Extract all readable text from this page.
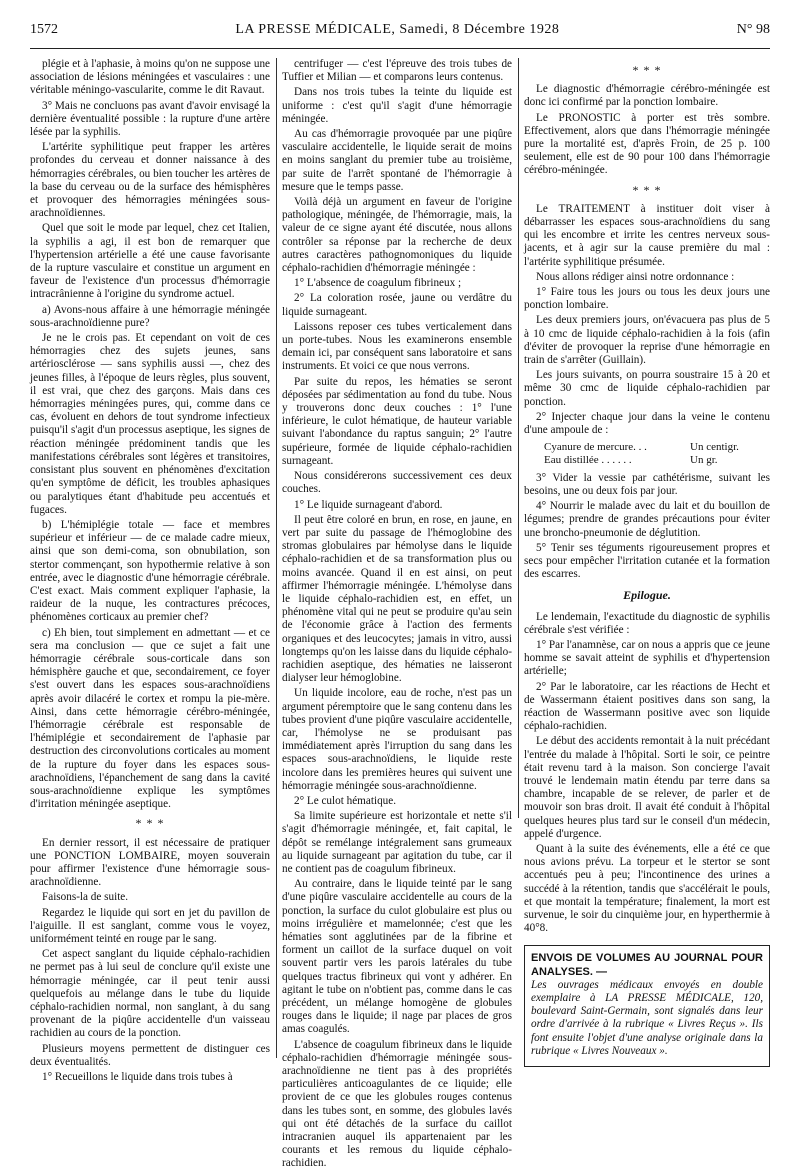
1572	LA PRESSE MÉDICALE, Samedi, 8 Décembre 1928	N° 98

plégie et à l'aphasie, à moins qu'on ne suppose une association de lésions méningées et vasculaires : une véritable méningo-vascularite, comme le dit Ravaut.

3° Mais ne concluons pas avant d'avoir envisagé la dernière éventualité possible : la rupture d'une artère lésée par la syphilis.

L'artérite syphilitique peut frapper les artères profondes du cerveau et donner naissance à des hémorragies cérébrales, ou bien toucher les artères de la base du cerveau ou de la surface des hémisphères et provoquer des hémorragies méningées sous-arachnoïdiennes.

Quel que soit le mode par lequel, chez cet Italien, la syphilis a agi, il est bon de remarquer que l'hypertension artérielle a été une cause favorisante de la rupture vasculaire et constitue un argument en faveur de l'existence d'un processus d'hémorragie intracrânienne à l'origine du syndrome actuel.

a) Avons-nous affaire à une hémorragie méningée sous-arachnoïdienne pure?

Je ne le crois pas. Et cependant on voit de ces hémorragies chez des sujets jeunes, sans artériosclérose — sans syphilis aussi —, chez des jeunes filles, à l'époque de leurs règles, plus souvent, il est vrai, que chez des garçons. Mais dans ces hémorragies méningées pures, qui, comme dans ce cas, évoluent en dehors de tout syndrome infectieux puisqu'il s'agit d'un processus aseptique, les signes de réaction méningée prédominent tandis que les manifestations cérébrales sont légères et transitoires, consistant plus souvent en phénomènes d'excitation qu'en symptôme de déficit, les troubles aphasiques ou paralytiques étant d'habitude peu accentués et fugaces.

b) L'hémiplégie totale — face et membres supérieur et inférieur — de ce malade cadre mieux, ainsi que son demi-coma, son obnubilation, son stertor commençant, son hypothermie relative à son entrée, avec le diagnostic d'une hémorragie cérébrale. C'est exact. Mais comment expliquer l'aphasie, la raideur de la nuque, les contractures précoces, phénomènes corticaux au premier chef?

c) Eh bien, tout simplement en admettant — et ce sera ma conclusion — que ce sujet a fait une hémorragie cérébrale sous-corticale dans son hémisphère gauche et que, secondairement, ce foyer s'est ouvert dans les espaces sous-arachnoïdiens après avoir dilacéré le cortex et rompu la pie-mère. Ainsi, dans cette hémorragie cérébro-méningée, l'hémorragie cérébrale est responsable de l'hémiplégie et secondairement de l'aphasie par destruction des circonvolutions corticales au moment de la rupture du foyer dans les espaces sous-arachnoïdiens, l'épanchement de sang dans la cavité sous-arachnoïdienne explique les symptômes d'irritation méningée aseptique.

* * *

En dernier ressort, il est nécessaire de pratiquer une PONCTION LOMBAIRE, moyen souverain pour affirmer l'existence d'une hémorragie sous-arachnoïdienne.

Faisons-la de suite.

Regardez le liquide qui sort en jet du pavillon de l'aiguille. Il est sanglant, comme vous le voyez, uniformément teinté en rouge par le sang.

Cet aspect sanglant du liquide céphalo-rachidien ne permet pas à lui seul de conclure qu'il existe une hémorragie méningée, car il peut tenir aussi quelquefois au mélange dans le tube du liquide céphalo-rachidien normal, non sanglant, à du sang provenant de la piqûre accidentelle d'un vaisseau rachidien au cours de la ponction.

Plusieurs moyens permettent de distinguer ces deux éventualités.

1° Recueillons le liquide dans trois tubes à

centrifuger — c'est l'épreuve des trois tubes de Tuffier et Milian — et comparons leurs contenus.

Dans nos trois tubes la teinte du liquide est uniforme : c'est qu'il s'agit d'une hémorragie méningée.

Au cas d'hémorragie provoquée par une piqûre vasculaire accidentelle, le liquide serait de moins en moins sanglant du premier tube au troisième, par suite de l'arrêt spontané de l'hémorragie à mesure que le temps passe.

Voilà déjà un argument en faveur de l'origine pathologique, méningée, de l'hémorragie, mais, la valeur de ce signe ayant été discutée, nous allons contrôler sa réponse par la recherche de deux autres caractères pathognomoniques du liquide céphalo-rachidien d'hémorragie méningée :

1° L'absence de coagulum fibrineux ;

2° La coloration rosée, jaune ou verdâtre du liquide surnageant.

Laissons reposer ces tubes verticalement dans un porte-tubes. Nous les examinerons ensemble demain ici, par conséquent sans laboratoire et sans instruments. Et voici ce que nous verrons.

Par suite du repos, les hématies se seront déposées par sédimentation au fond du tube. Nous y trouverons donc deux couches : 1° l'une inférieure, le culot hématique, de hauteur variable suivant l'abondance du raptus sanguin; 2° l'autre supérieure, formée de liquide céphalo-rachidien surnageant.

Nous considérerons successivement ces deux couches.

1° Le liquide surnageant d'abord.

Il peut être coloré en brun, en rose, en jaune, en vert par suite du passage de l'hémoglobine des stromas globulaires par hémolyse dans le liquide céphalo-rachidien et de sa transformation plus ou moins avancée. Quand il en est ainsi, on peut affirmer l'hémorragie méningée. L'hémolyse dans le liquide céphalo-rachidien est, en effet, un phénomène vital qui ne peut se produire qu'au sein de l'économie grâce à l'action des ferments organiques et des leucocytes; jamais in vitro, aussi longtemps qu'on les laisse dans du liquide céphalo-rachidien aseptique, des hématies ne laisseront dialyser leur hémoglobine.

Un liquide incolore, eau de roche, n'est pas un argument péremptoire que le sang contenu dans les tubes provient d'une piqûre vasculaire accidentelle, car, l'hémolyse ne se produisant pas immédiatement après l'irruption du sang dans les espaces sous-arachnoïdiens, le liquide reste incolore dans les premières heures qui suivent une hémorragie méningée sous-arachnoïdienne.

2° Le culot hématique.

Sa limite supérieure est horizontale et nette s'il s'agit d'hémorragie méningée, et, fait capital, le dépôt se remélange intégralement sans grumeaux au liquide surnageant par agitation du tube, car il ne contient pas de coagulum fibrineux.

Au contraire, dans le liquide teinté par le sang d'une piqûre vasculaire accidentelle au cours de la ponction, la surface du culot globulaire est plus ou moins irrégulière et mamelonnée; c'est que les hématies sont agglutinées par de la fibrine et forment un caillot de la surface duquel on voit souvent partir vers les parois latérales du tube quelques tractus fibrineux qui vont y adhérer. En agitant le tube on n'obtient pas, comme dans le cas précédent, un mélange homogène de globules rouges dans le liquide; il nage par places de gros amas coagulés.

L'absence de coagulum fibrineux dans le liquide céphalo-rachidien d'hémorragie méningée sous-arachnoïdienne ne tient pas à des propriétés particulières anticoagulantes de ce liquide; elle provient de ce que les globules rouges contenus dans les tubes sont, en somme, des globules lavés qui ont été détachés de la surface du caillot intracranien auquel ils appartenaient par les courants et les remous du liquide céphalo-rachidien.

* * *

Le diagnostic d'hémorragie cérébro-méningée est donc ici confirmé par la ponction lombaire.

Le PRONOSTIC à porter est très sombre. Effectivement, alors que dans l'hémorragie méningée pure la mortalité est, d'après Froin, de 25 p. 100 seulement, elle est de 90 pour 100 dans l'hémorragie cérébro-méningée.

* * *

Le TRAITEMENT à instituer doit viser à débarrasser les espaces sous-arachnoïdiens du sang qui les encombre et irrite les centres nerveux sous-jacents, et à agir sur la cause première du mal : l'artérite syphilitique présumée.

Nous allons rédiger ainsi notre ordonnance :

1° Faire tous les jours ou tous les deux jours une ponction lombaire.

Les deux premiers jours, on'évacuera pas plus de 5 à 10 cmc de liquide céphalo-rachidien à la fois (afin d'éviter de provoquer la reprise d'une hémorragie en train de s'arrêter (Guillain).

Les jours suivants, on pourra soustraire 15 à 20 et même 30 cmc de liquide céphalo-rachidien par ponction.

2° Injecter chaque jour dans la veine le contenu d'une ampoule de :

Cyanure de mercure. . .	Un centigr.
Eau distillée . . . . . .	Un gr.

3° Vider la vessie par cathétérisme, suivant les besoins, une ou deux fois par jour.

4° Nourrir le malade avec du lait et du bouillon de légumes; prendre de grandes précautions pour éviter une broncho-pneumonie de déglutition.

5° Tenir ses téguments rigoureusement propres et secs pour empêcher l'irritation cutanée et la formation des escarres.

Epilogue.

Le lendemain, l'exactitude du diagnostic de syphilis cérébrale s'est vérifiée :

1° Par l'anamnèse, car on nous a appris que ce jeune homme se savait atteint de syphilis et d'hypertension artérielle;

2° Par le laboratoire, car les réactions de Hecht et de Wassermann étaient positives dans son sang, la réaction de Wassermann positive avec son liquide céphalo-rachidien.

Le début des accidents remontait à la nuit précédant l'entrée du malade à l'hôpital. Sorti le soir, ce peintre était revenu tard à la maison. Son concierge l'avait trouvé le lendemain matin étendu par terre dans sa chambre, incapable de se relever, de parler et de mouvoir son bras droit. Il avait été conduit à l'hôpital quelques heures plus tard sur le conseil d'un médecin, appelé d'urgence.

Quant à la suite des événements, elle a été ce que nous avions prévu. La torpeur et le stertor se sont accentués peu à peu; l'incontinence des urines a succédé à la rétention, tandis que s'accélérait le pouls, et que montait la température; finalement, la mort est survenue, le soir du cinquième jour, en hyperthermie à 40°8.

ENVOIS DE VOLUMES AU JOURNAL POUR ANALYSES. —

Les ouvrages médicaux envoyés en double exemplaire à LA PRESSE MÉDICALE, 120, boulevard Saint-Germain, sont signalés dans leur ordre d'arrivée à la rubrique « Livres Reçus ». Ils font ensuite l'objet d'une analyse originale dans la rubrique « Livres Nouveaux ».
